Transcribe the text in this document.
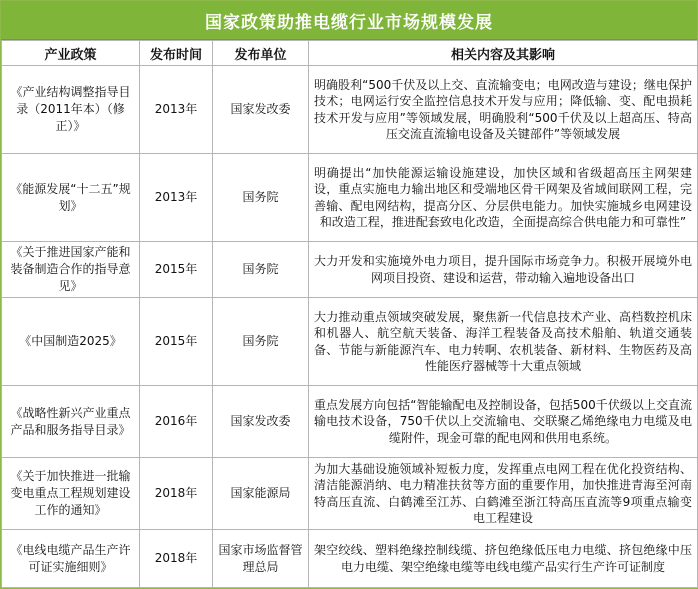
国家政策助推电缆行业市场规模发展
产业政策	发布时间	发布单位	相关内容及其影响
《产业结构调整指导目录（2011年本）（修正）》	2013年	国家发改委	明确股利“500千伏及以上交、直流输变电；电网改造与建设；继电保护技术；电网运行安全监控信息技术开发与应用；降低输、变、配电损耗技术开发与应用”等领域发展，明确股利“500千伏及以上超高压、特高压交流直流输电设备及关键部件”等领域发展
《能源发展“十二五”规划》	2013年	国务院	明确提出“加快能源运输设施建设，加快区域和省级超高压主网架建设，重点实施电力输出地区和受端地区骨干网架及省域间联网工程，完善输、配电网结构，提高分区、分层供电能力。加快实施城乡电网建设和改造工程，推进配套致电化改造，全面提高综合供电能力和可靠性”
《关于推进国家产能和装备制造合作的指导意见》	2015年	国务院	大力开发和实施境外电力项目，提升国际市场竞争力。积极开展境外电网项目投资、建设和运营，带动输入遍地设备出口
《中国制造2025》	2015年	国务院	大力推动重点领域突破发展，聚焦新一代信息技术产业、高档数控机床和机器人、航空航天装备、海洋工程装备及高技术船舶、轨道交通装备、节能与新能源汽车、电力转啊、农机装备、新材料、生物医药及高性能医疗器械等十大重点领域
《战略性新兴产业重点产品和服务指导目录》	2016年	国家发改委	重点发展方向包括“智能输配电及控制设备，包括500千伏级以上交直流输电技术设备，750千伏以上交流输电、交联聚乙烯绝缘电力电缆及电缆附件，现金可靠的配电网和供用电系统。
《关于加快推进一批输变电重点工程规划建设工作的通知》	2018年	国家能源局	为加大基础设施领域补短板力度，发挥重点电网工程在优化投资结构、清洁能源消纳、电力精准扶贫等方面的重要作用，加快推进青海至河南特高压直流、白鹤滩至江苏、白鹤滩至浙江特高压直流等9项重点输变电工程建设
《电线电缆产品生产许可证实施细则》	2018年	国家市场监督管理总局	架空绞线、塑料绝缘控制线缆、挤包绝缘低压电力电缆、挤包绝缘中压电力电缆、架空绝缘电缆等电线电缆产品实行生产许可证制度
